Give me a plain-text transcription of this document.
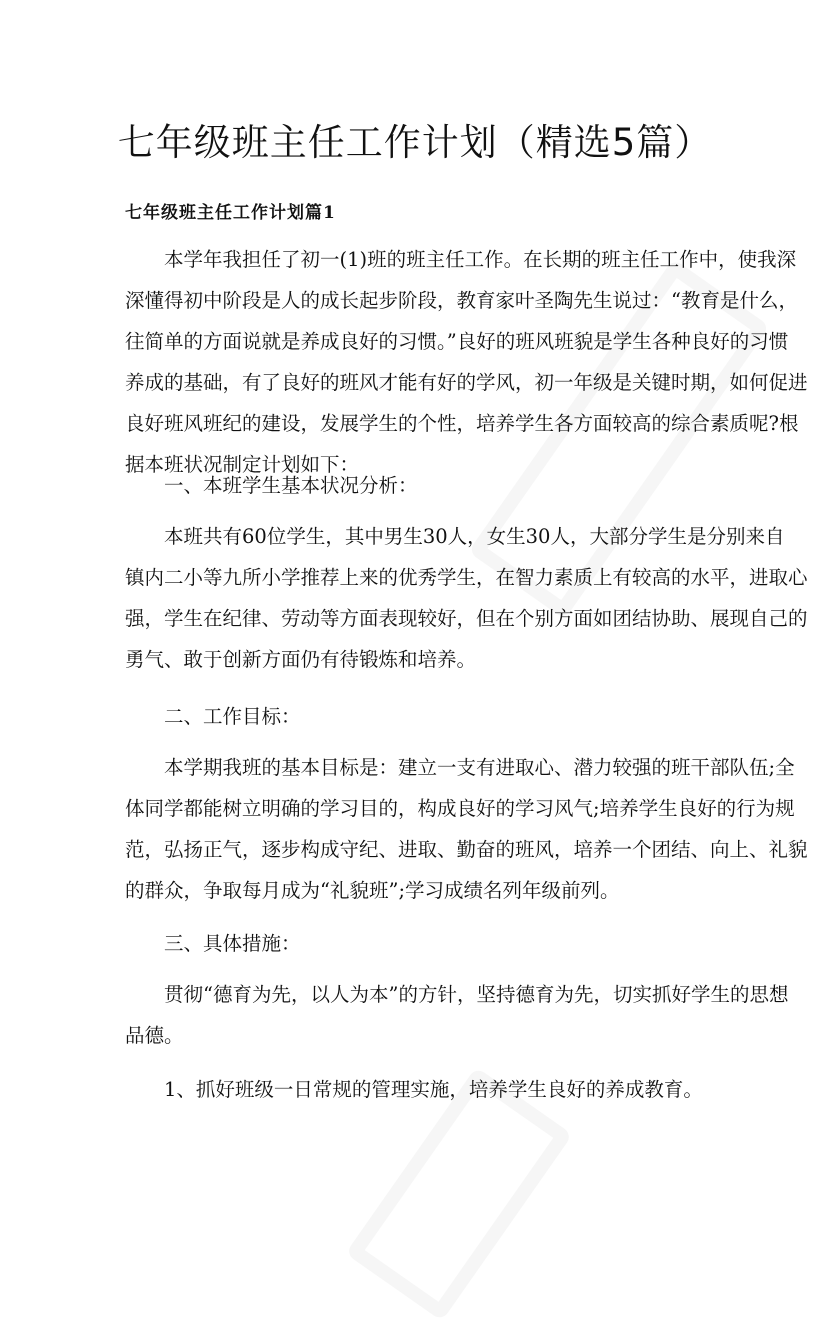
七年级班主任工作计划（精选5篇）
七年级班主任工作计划篇1
本学年我担任了初一(1)班的班主任工作。在长期的班主任工作中，使我深
深懂得初中阶段是人的成长起步阶段，教育家叶圣陶先生说过：“教育是什么，
往简单的方面说就是养成良好的习惯。”良好的班风班貌是学生各种良好的习惯
养成的基础，有了良好的班风才能有好的学风，初一年级是关键时期，如何促进
良好班风班纪的建设，发展学生的个性，培养学生各方面较高的综合素质呢?根
据本班状况制定计划如下：
一、本班学生基本状况分析：
本班共有60位学生，其中男生30人，女生30人，大部分学生是分别来自
镇内二小等九所小学推荐上来的优秀学生，在智力素质上有较高的水平，进取心
强，学生在纪律、劳动等方面表现较好，但在个别方面如团结协助、展现自己的
勇气、敢于创新方面仍有待锻炼和培养。
二、工作目标：
本学期我班的基本目标是：建立一支有进取心、潜力较强的班干部队伍;全
体同学都能树立明确的学习目的，构成良好的学习风气;培养学生良好的行为规
范，弘扬正气，逐步构成守纪、进取、勤奋的班风，培养一个团结、向上、礼貌
的群众，争取每月成为“礼貌班”;学习成绩名列年级前列。
三、具体措施：
贯彻“德育为先，以人为本”的方针，坚持德育为先，切实抓好学生的思想
品德。
1、抓好班级一日常规的管理实施，培养学生良好的养成教育。
